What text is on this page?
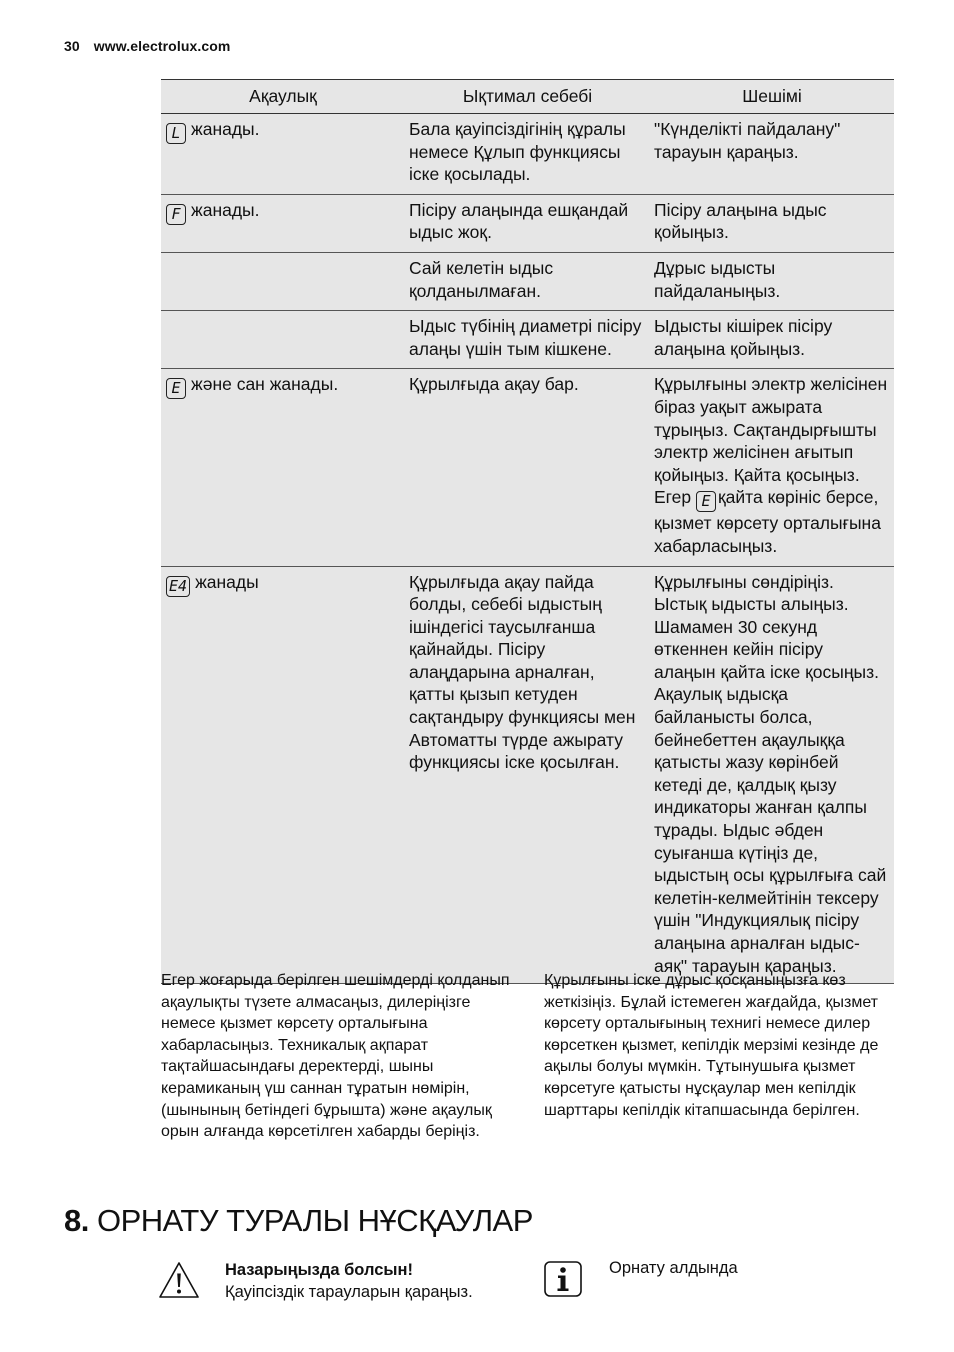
30 www.electrolux.com
Ақаулық	Ықтимал себебі	Шешімі
L жанады.	Бала қауіпсіздігінің құралы немесе Құлып функциясы іске қосылады.	"Күнделікті пайдалану" тарауын қараңыз.
F жанады.	Пісіру алаңында ешқандай ыдыс жоқ.	Пісіру алаңына ыдыс қойыңыз.
	Сай келетін ыдыс қолданылмаған.	Дұрыс ыдысты пайдаланыңыз.
	Ыдыс түбінің диаметрі пісіру алаңы үшін тым кішкене.	Ыдысты кішірек пісіру алаңына қойыңыз.
E және сан жанады.	Құрылғыда ақау бар.	Құрылғыны электр желісінен біраз уақыт ажырата тұрыңыз. Сақтандырғышты электр желісінен ағытып қойыңыз. Қайта қосыңыз. Егер E қайта көрініс берсе, қызмет көрсету орталығына хабарласыңыз.
E4 жанады	Құрылғыда ақау пайда болды, себебі ыдыстың ішіндегісі таусылғанша қайнайды. Пісіру алаңдарына арналған, қатты қызып кетуден сақтандыру функциясы мен Автоматты түрде ажырату функциясы іске қосылған.	Құрылғыны сөндіріңіз. Ыстық ыдысты алыңыз. Шамамен 30 секунд өткеннен кейін пісіру алаңын қайта іске қосыңыз. Ақаулық ыдысқа байланысты болса, бейнебеттен ақаулыққа қатысты жазу көрінбей кетеді де, қалдық қызу индикаторы жанған қалпы тұрады. Ыдыс әбден суығанша күтіңіз де, ыдыстың осы құрылғыға сай келетін-келмейтінін тексеру үшін "Индукциялық пісіру алаңына арналған ыдыс-аяқ" тарауын қараңыз.
Егер жоғарыда берілген шешімдерді қолданып ақаулықты түзете алмасаңыз, дилеріңізге немесе қызмет көрсету орталығына хабарласыңыз. Техникалық ақпарат тақтайшасындағы деректерді, шыны керамиканың үш саннан тұратын нөмірін, (шынының бетіндегі бұрышта) және ақаулық орын алғанда көрсетілген хабарды беріңіз.
Құрылғыны іске дұрыс қосқаныңызға көз жеткізіңіз. Бұлай істемеген жағдайда, қызмет көрсету орталығының технигі немесе дилер көрсеткен қызмет, кепілдік мерзімі кезінде де ақылы болуы мүмкін. Тұтынушыға қызмет көрсетуге қатысты нұсқаулар мен кепілдік шарттары кепілдік кітапшасында берілген.
8. ОРНАТУ ТУРАЛЫ НҰСҚАУЛАР
Назарыңызда болсын!
Қауіпсіздік тарауларын қараңыз.
Орнату алдында
